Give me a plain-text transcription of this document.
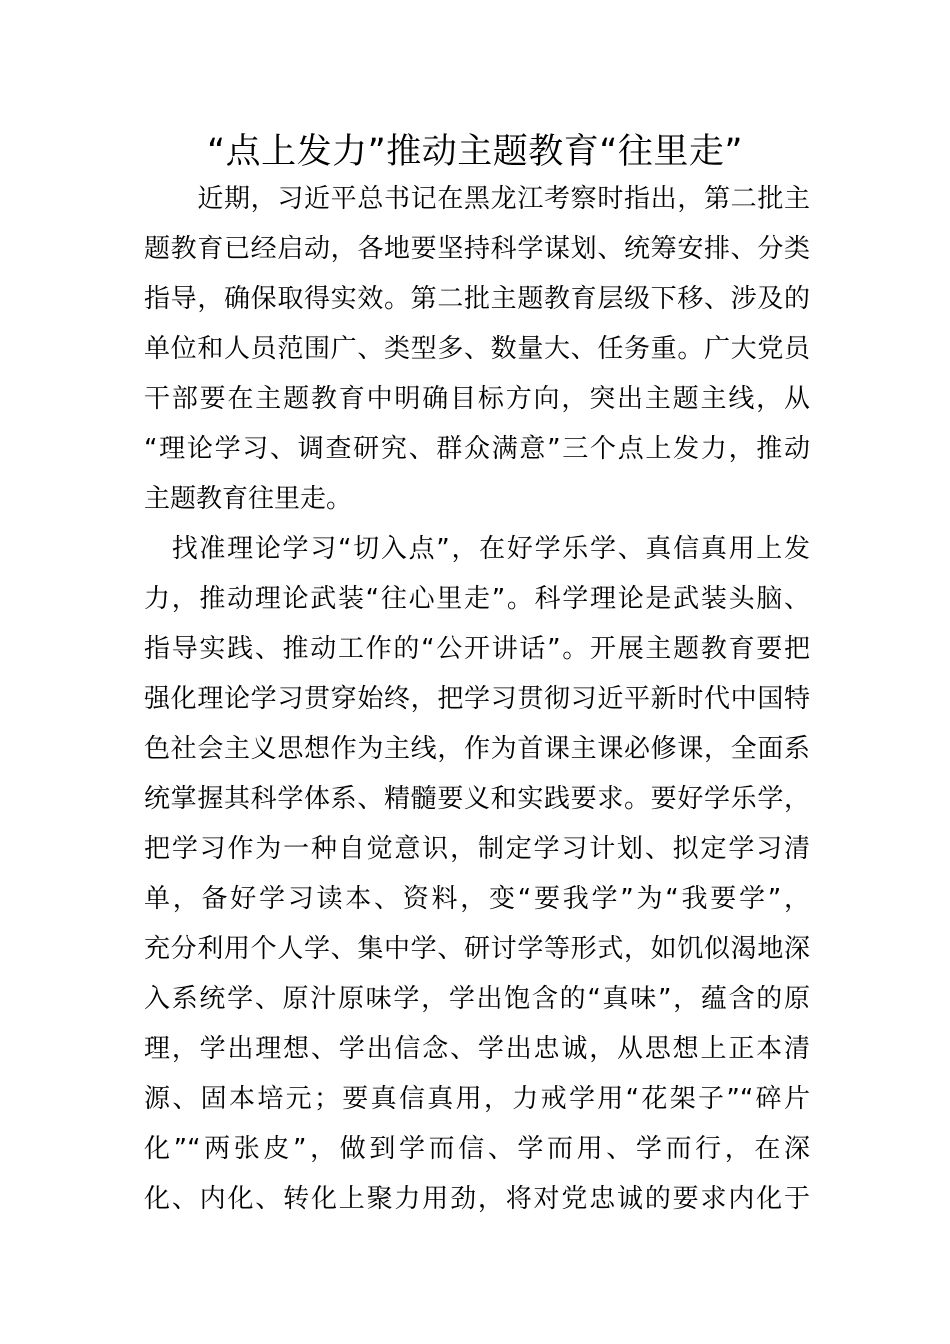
“点上发力”推动主题教育“往里走”
　　近期，习近平总书记在黑龙江考察时指出，第二批主
题教育已经启动，各地要坚持科学谋划、统筹安排、分类
指导，确保取得实效。第二批主题教育层级下移、涉及的
单位和人员范围广、类型多、数量大、任务重。广大党员
干部要在主题教育中明确目标方向，突出主题主线，从
“理论学习、调查研究、群众满意”三个点上发力，推动
主题教育往里走。
　找准理论学习“切入点”，在好学乐学、真信真用上发
力，推动理论武装“往心里走”。科学理论是武装头脑、
指导实践、推动工作的“公开讲话”。开展主题教育要把
强化理论学习贯穿始终，把学习贯彻习近平新时代中国特
色社会主义思想作为主线，作为首课主课必修课，全面系
统掌握其科学体系、精髓要义和实践要求。要好学乐学，
把学习作为一种自觉意识，制定学习计划、拟定学习清
单，备好学习读本、资料，变“要我学”为“我要学”，
充分利用个人学、集中学、研讨学等形式，如饥似渴地深
入系统学、原汁原味学，学出饱含的“真味”，蕴含的原
理，学出理想、学出信念、学出忠诚，从思想上正本清
源、固本培元；要真信真用，力戒学用“花架子”“碎片
化”“两张皮”，做到学而信、学而用、学而行，在深
化、内化、转化上聚力用劲，将对党忠诚的要求内化于
